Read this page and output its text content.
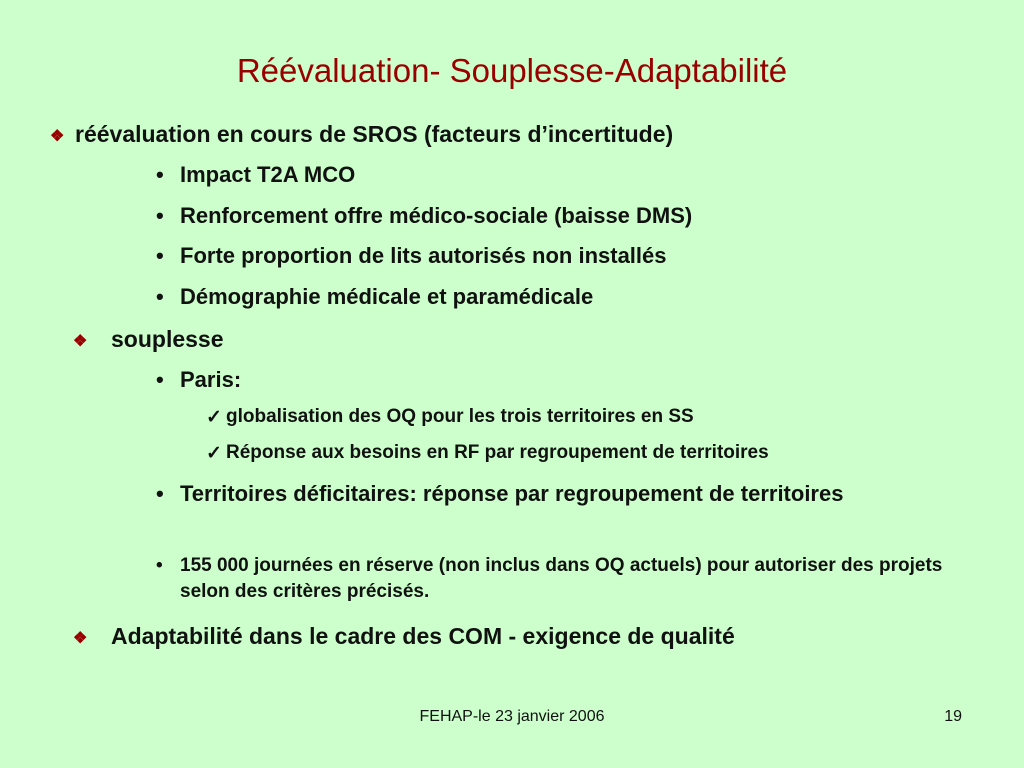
Réévaluation- Souplesse-Adaptabilité
❖ réévaluation en cours de SROS (facteurs d’incertitude)
• Impact T2A MCO
• Renforcement offre médico-sociale (baisse DMS)
• Forte proportion de lits autorisés non installés
• Démographie médicale et paramédicale
❖ souplesse
• Paris:
✓ globalisation des OQ pour les trois territoires en SS
✓ Réponse aux besoins en RF par regroupement de territoires
• Territoires déficitaires: réponse par regroupement de territoires
• 155 000 journées en réserve (non inclus dans OQ actuels) pour autoriser des projets selon des critères précisés.
❖ Adaptabilité dans le cadre des COM - exigence de qualité
FEHAP-le 23 janvier 2006	19
